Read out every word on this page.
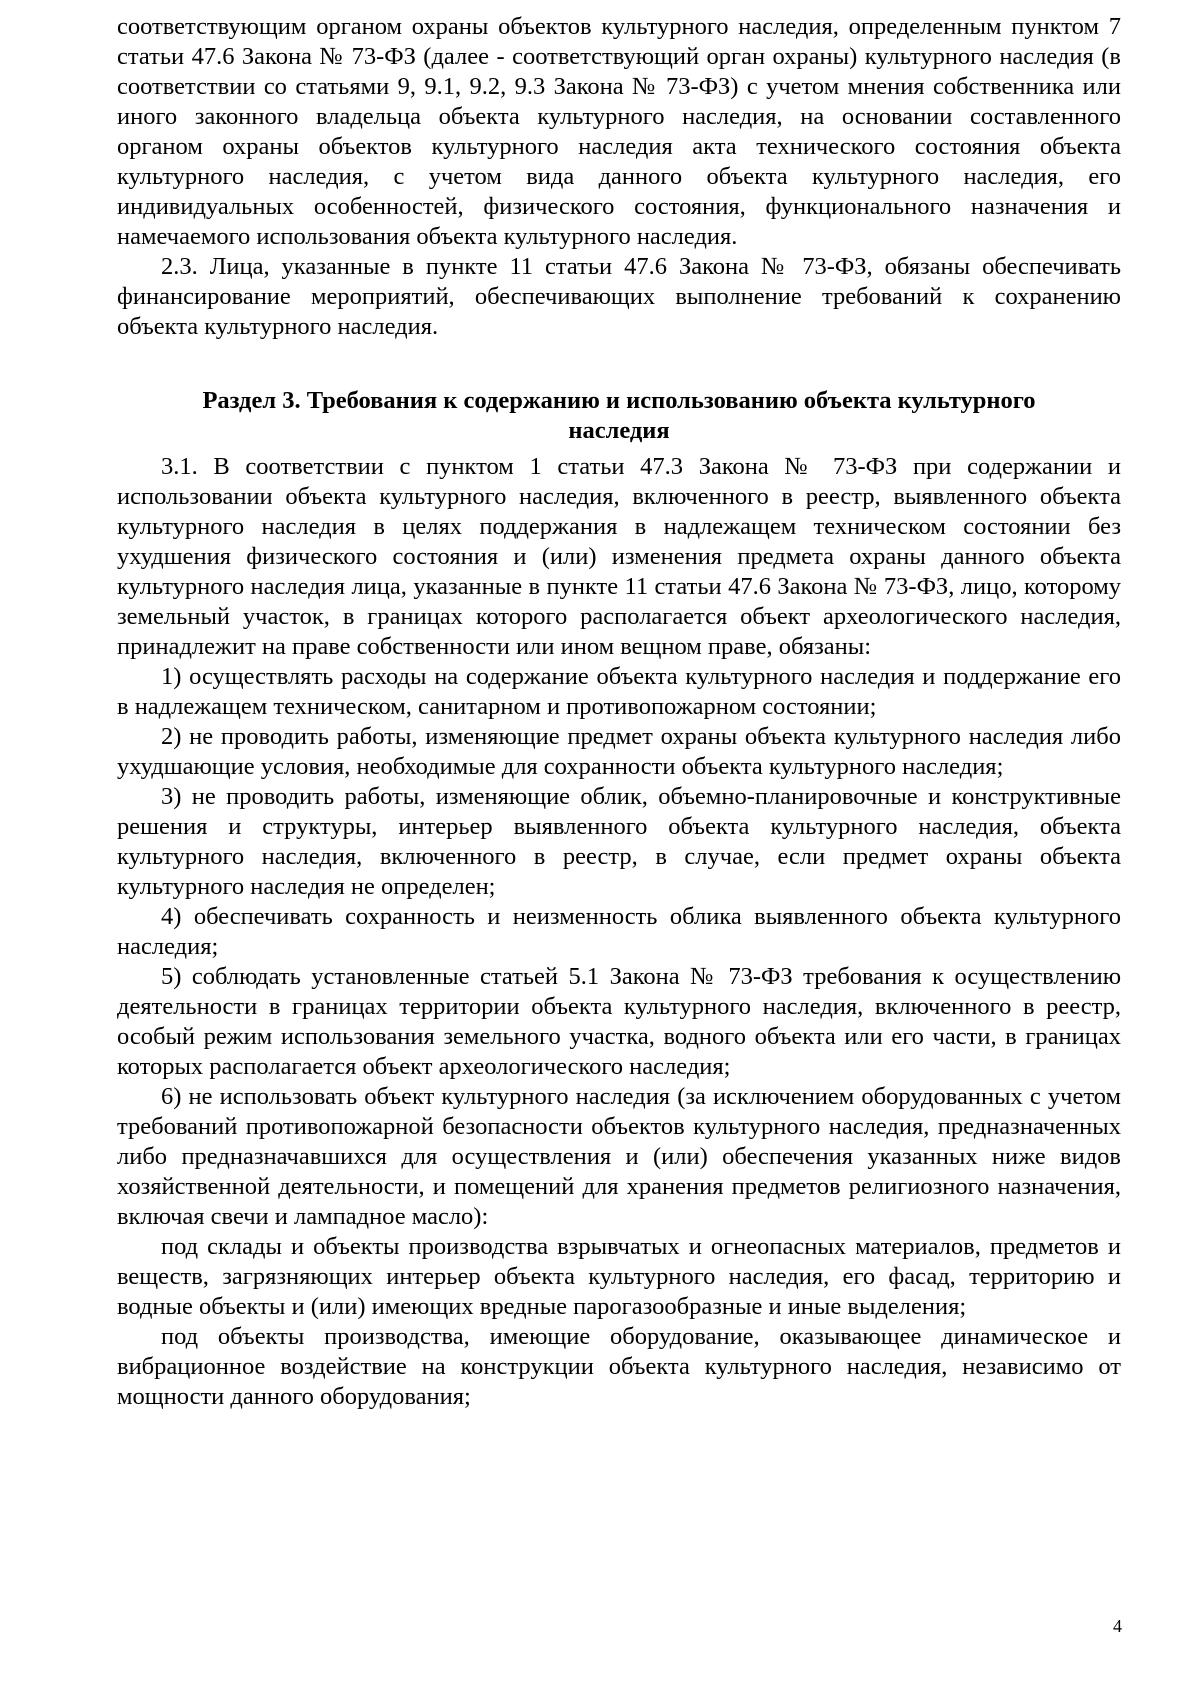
соответствующим органом охраны объектов культурного наследия, определенным пунктом 7 статьи 47.6 Закона № 73-ФЗ (далее - соответствующий орган охраны) культурного наследия (в соответствии со статьями 9, 9.1, 9.2, 9.3 Закона № 73-ФЗ) с учетом мнения собственника или иного законного владельца объекта культурного наследия, на основании составленного органом охраны объектов культурного наследия акта технического состояния объекта культурного наследия, с учетом вида данного объекта культурного наследия, его индивидуальных особенностей, физического состояния, функционального назначения и намечаемого использования объекта культурного наследия.

2.3. Лица, указанные в пункте 11 статьи 47.6 Закона № 73-ФЗ, обязаны обеспечивать финансирование мероприятий, обеспечивающих выполнение требований к сохранению объекта культурного наследия.

Раздел 3. Требования к содержанию и использованию объекта культурного
наследия

3.1. В соответствии с пунктом 1 статьи 47.3 Закона № 73-ФЗ при содержании и использовании объекта культурного наследия, включенного в реестр, выявленного объекта культурного наследия в целях поддержания в надлежащем техническом состоянии без ухудшения физического состояния и (или) изменения предмета охраны данного объекта культурного наследия лица, указанные в пункте 11 статьи 47.6 Закона № 73-ФЗ, лицо, которому земельный участок, в границах которого располагается объект археологического наследия, принадлежит на праве собственности или ином вещном праве, обязаны:

1) осуществлять расходы на содержание объекта культурного наследия и поддержание его в надлежащем техническом, санитарном и противопожарном состоянии;

2) не проводить работы, изменяющие предмет охраны объекта культурного наследия либо ухудшающие условия, необходимые для сохранности объекта культурного наследия;

3) не проводить работы, изменяющие облик, объемно-планировочные и конструктивные решения и структуры, интерьер выявленного объекта культурного наследия, объекта культурного наследия, включенного в реестр, в случае, если предмет охраны объекта культурного наследия не определен;

4) обеспечивать сохранность и неизменность облика выявленного объекта культурного наследия;

5) соблюдать установленные статьей 5.1 Закона № 73-ФЗ требования к осуществлению деятельности в границах территории объекта культурного наследия, включенного в реестр, особый режим использования земельного участка, водного объекта или его части, в границах которых располагается объект археологического наследия;

6) не использовать объект культурного наследия (за исключением оборудованных с учетом требований противопожарной безопасности объектов культурного наследия, предназначенных либо предназначавшихся для осуществления и (или) обеспечения указанных ниже видов хозяйственной деятельности, и помещений для хранения предметов религиозного назначения, включая свечи и лампадное масло):

под склады и объекты производства взрывчатых и огнеопасных материалов, предметов и веществ, загрязняющих интерьер объекта культурного наследия, его фасад, территорию и водные объекты и (или) имеющих вредные парогазообразные и иные выделения;

под объекты производства, имеющие оборудование, оказывающее динамическое и вибрационное воздействие на конструкции объекта культурного наследия, независимо от мощности данного оборудования;

4
